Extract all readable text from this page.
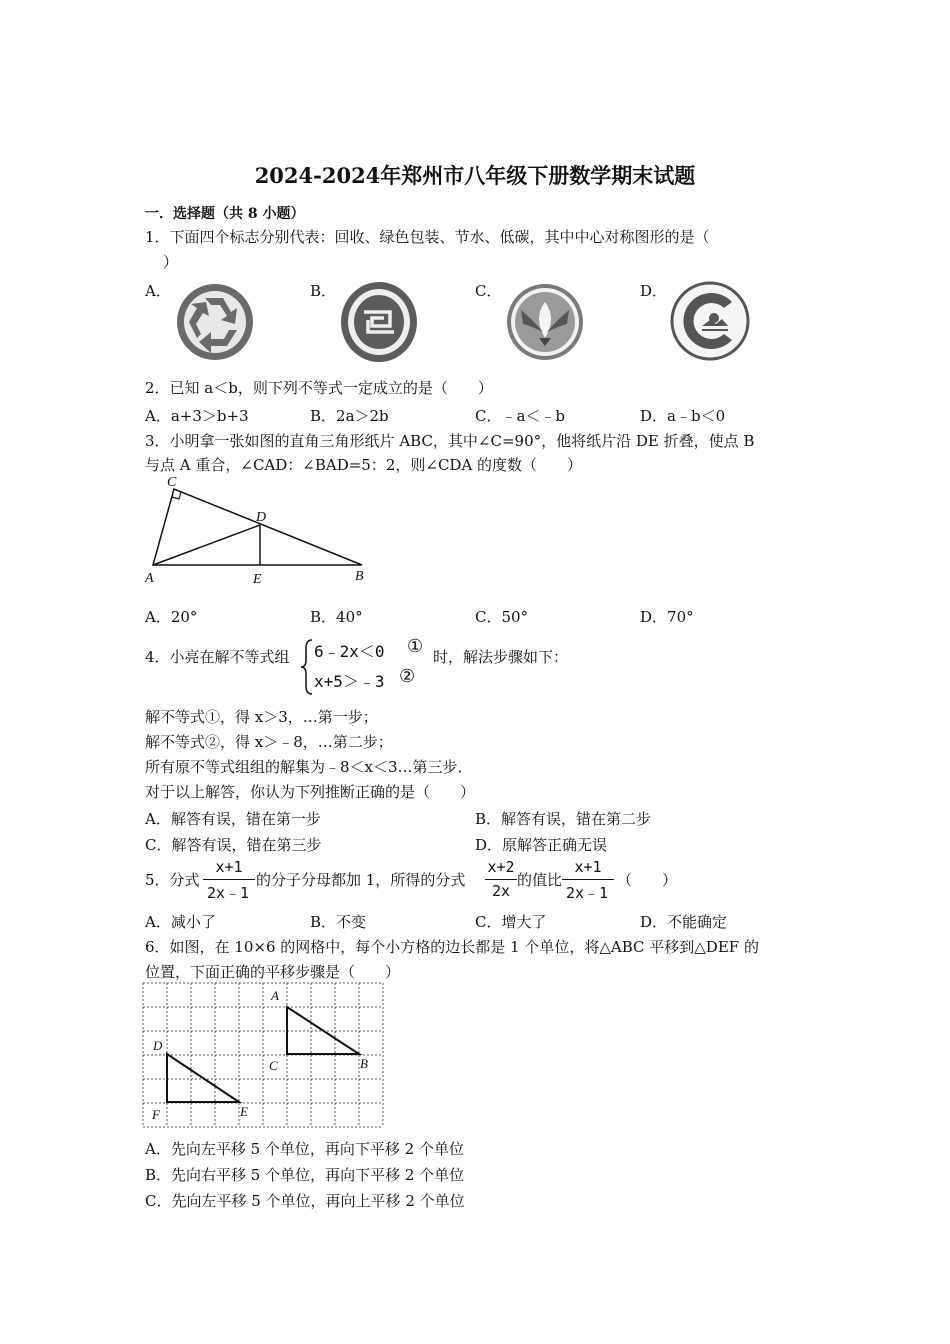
2024-2024年郑州市八年级下册数学期末试题
一．选择题（共 8 小题）
1．下面四个标志分别代表：回收、绿色包装、节水、低碳，其中中心对称图形的是（
）
A．	B．	C．	D．
2．已知 a＜b，则下列不等式一定成立的是（　　）
A．a+3＞b+3	B．2a＞2b	C．﹣a＜﹣b	D．a﹣b＜0
3．小明拿一张如图的直角三角形纸片 ABC，其中∠C=90°，他将纸片沿 DE 折叠，使点 B
与点 A 重合，∠CAD：∠BAD=5：2，则∠CDA 的度数（　　）
C
D
A	E	B
A．20°	B．40°	C．50°	D．70°
4．小亮在解不等式组 6﹣2x＜0 ①
x+5＞﹣3 ②
时，解法步骤如下：
解不等式①，得 x＞3，…第一步；
解不等式②，得 x＞﹣8，…第二步；
所有原不等式组组的解集为﹣8＜x＜3…第三步．
对于以上解答，你认为下列推断正确的是（　　）
A．解答有误，错在第一步	B．解答有误，错在第二步
C．解答有误，错在第三步	D．原解答正确无误
5．分式
x+1
2x﹣1
的分子分母都加 1，所得的分式
x+2
2x
的值比
x+1
2x﹣1
（　　）
A．减小了	B．不变	C．增大了	D．不能确定
6．如图，在 10×6 的网格中，每个小方格的边长都是 1 个单位，将△ABC 平移到△DEF 的
位置，下面正确的平移步骤是（　　）
A
B
C
D
E
F
A．先向左平移 5 个单位，再向下平移 2 个单位
B．先向右平移 5 个单位，再向下平移 2 个单位
C．先向左平移 5 个单位，再向上平移 2 个单位
